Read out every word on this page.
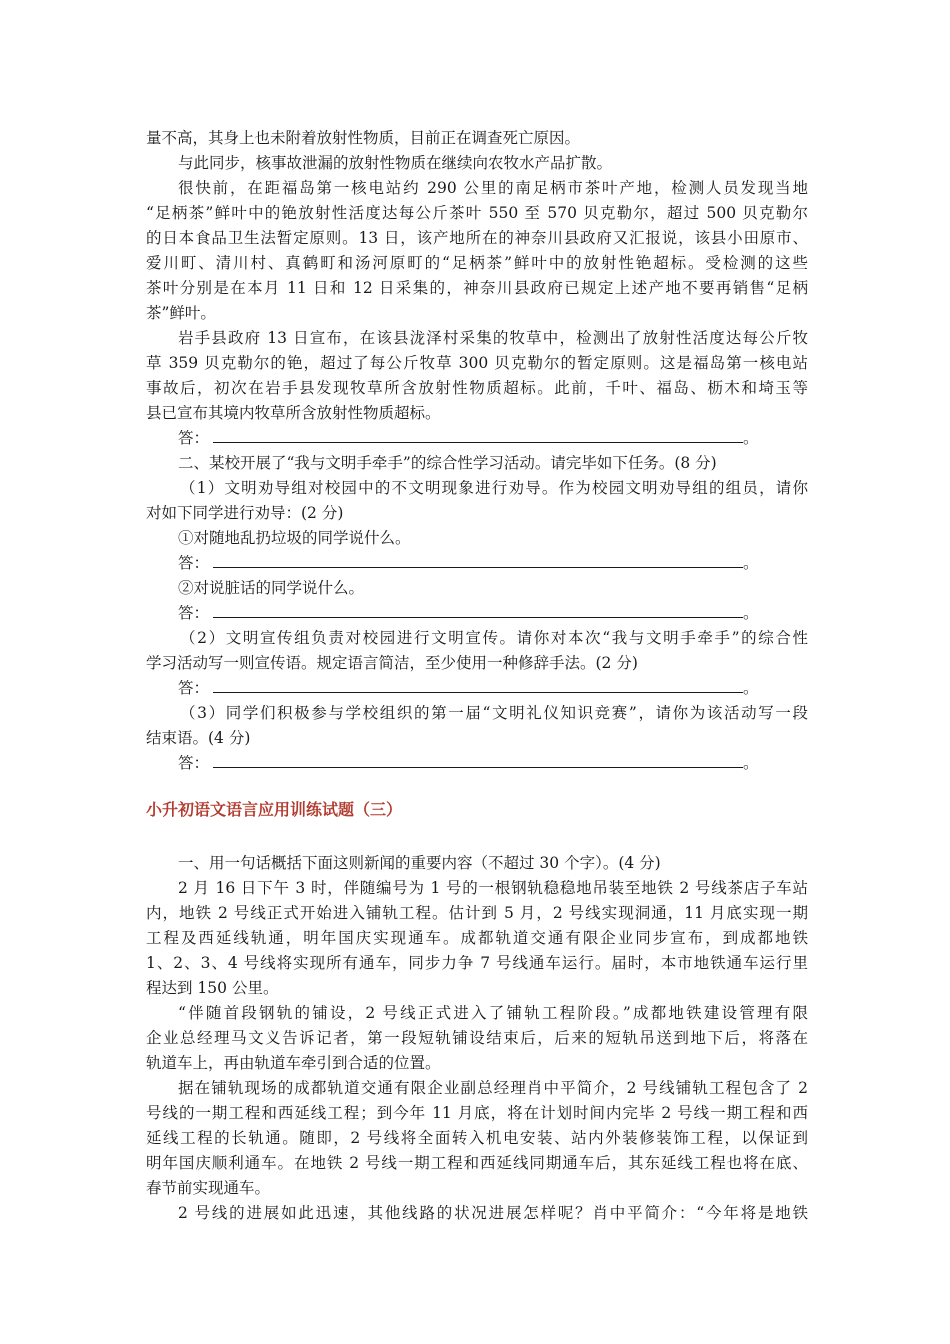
量不高，其身上也未附着放射性物质，目前正在调查死亡原因。
与此同步，核事故泄漏的放射性物质在继续向农牧水产品扩散。
很快前，在距福岛第一核电站约 290 公里的南足柄市茶叶产地，检测人员发现当地
“足柄茶”鲜叶中的铯放射性活度达每公斤茶叶 550 至 570 贝克勒尔，超过 500 贝克勒尔
的日本食品卫生法暂定原则。13 日，该产地所在的神奈川县政府又汇报说，该县小田原市、
爱川町、清川村、真鹤町和汤河原町的“足柄茶”鲜叶中的放射性铯超标。受检测的这些
茶叶分别是在本月 11 日和 12 日采集的，神奈川县政府已规定上述产地不要再销售“足柄
茶”鲜叶。
岩手县政府 13 日宣布，在该县泷泽村采集的牧草中，检测出了放射性活度达每公斤牧
草 359 贝克勒尔的铯，超过了每公斤牧草 300 贝克勒尔的暂定原则。这是福岛第一核电站
事故后，初次在岩手县发现牧草所含放射性物质超标。此前，千叶、福岛、枥木和埼玉等
县已宣布其境内牧草所含放射性物质超标。
答：	。
二、某校开展了“我与文明手牵手”的综合性学习活动。请完毕如下任务。(8 分)
（1）文明劝导组对校园中的不文明现象进行劝导。作为校园文明劝导组的组员，请你
对如下同学进行劝导：(2 分)
①对随地乱扔垃圾的同学说什么。
答：	。
②对说脏话的同学说什么。
答：	。
（2）文明宣传组负责对校园进行文明宣传。请你对本次“我与文明手牵手”的综合性
学习活动写一则宣传语。规定语言简洁，至少使用一种修辞手法。(2 分)
答：	。
（3）同学们积极参与学校组织的第一届“文明礼仪知识竞赛”，请你为该活动写一段
结束语。(4 分)
答：	。
小升初语文语言应用训练试题（三）
一、用一句话概括下面这则新闻的重要内容（不超过 30 个字）。(4 分)
2 月 16 日下午 3 时，伴随编号为 1 号的一根钢轨稳稳地吊装至地铁 2 号线茶店子车站
内，地铁 2 号线正式开始进入铺轨工程。估计到 5 月，2 号线实现洞通，11 月底实现一期
工程及西延线轨通，明年国庆实现通车。成都轨道交通有限企业同步宣布，到成都地铁
1、2、3、4 号线将实现所有通车，同步力争 7 号线通车运行。届时，本市地铁通车运行里
程达到 150 公里。
“伴随首段钢轨的铺设，2 号线正式进入了铺轨工程阶段。”成都地铁建设管理有限
企业总经理马文义告诉记者，第一段短轨铺设结束后，后来的短轨吊送到地下后，将落在
轨道车上，再由轨道车牵引到合适的位置。
据在铺轨现场的成都轨道交通有限企业副总经理肖中平简介，2 号线铺轨工程包含了 2
号线的一期工程和西延线工程；到今年 11 月底，将在计划时间内完毕 2 号线一期工程和西
延线工程的长轨通。随即，2 号线将全面转入机电安装、站内外装修装饰工程，以保证到
明年国庆顺利通车。在地铁 2 号线一期工程和西延线同期通车后，其东延线工程也将在底、
春节前实现通车。
2 号线的进展如此迅速，其他线路的状况进展怎样呢？肖中平简介：“今年将是地铁
